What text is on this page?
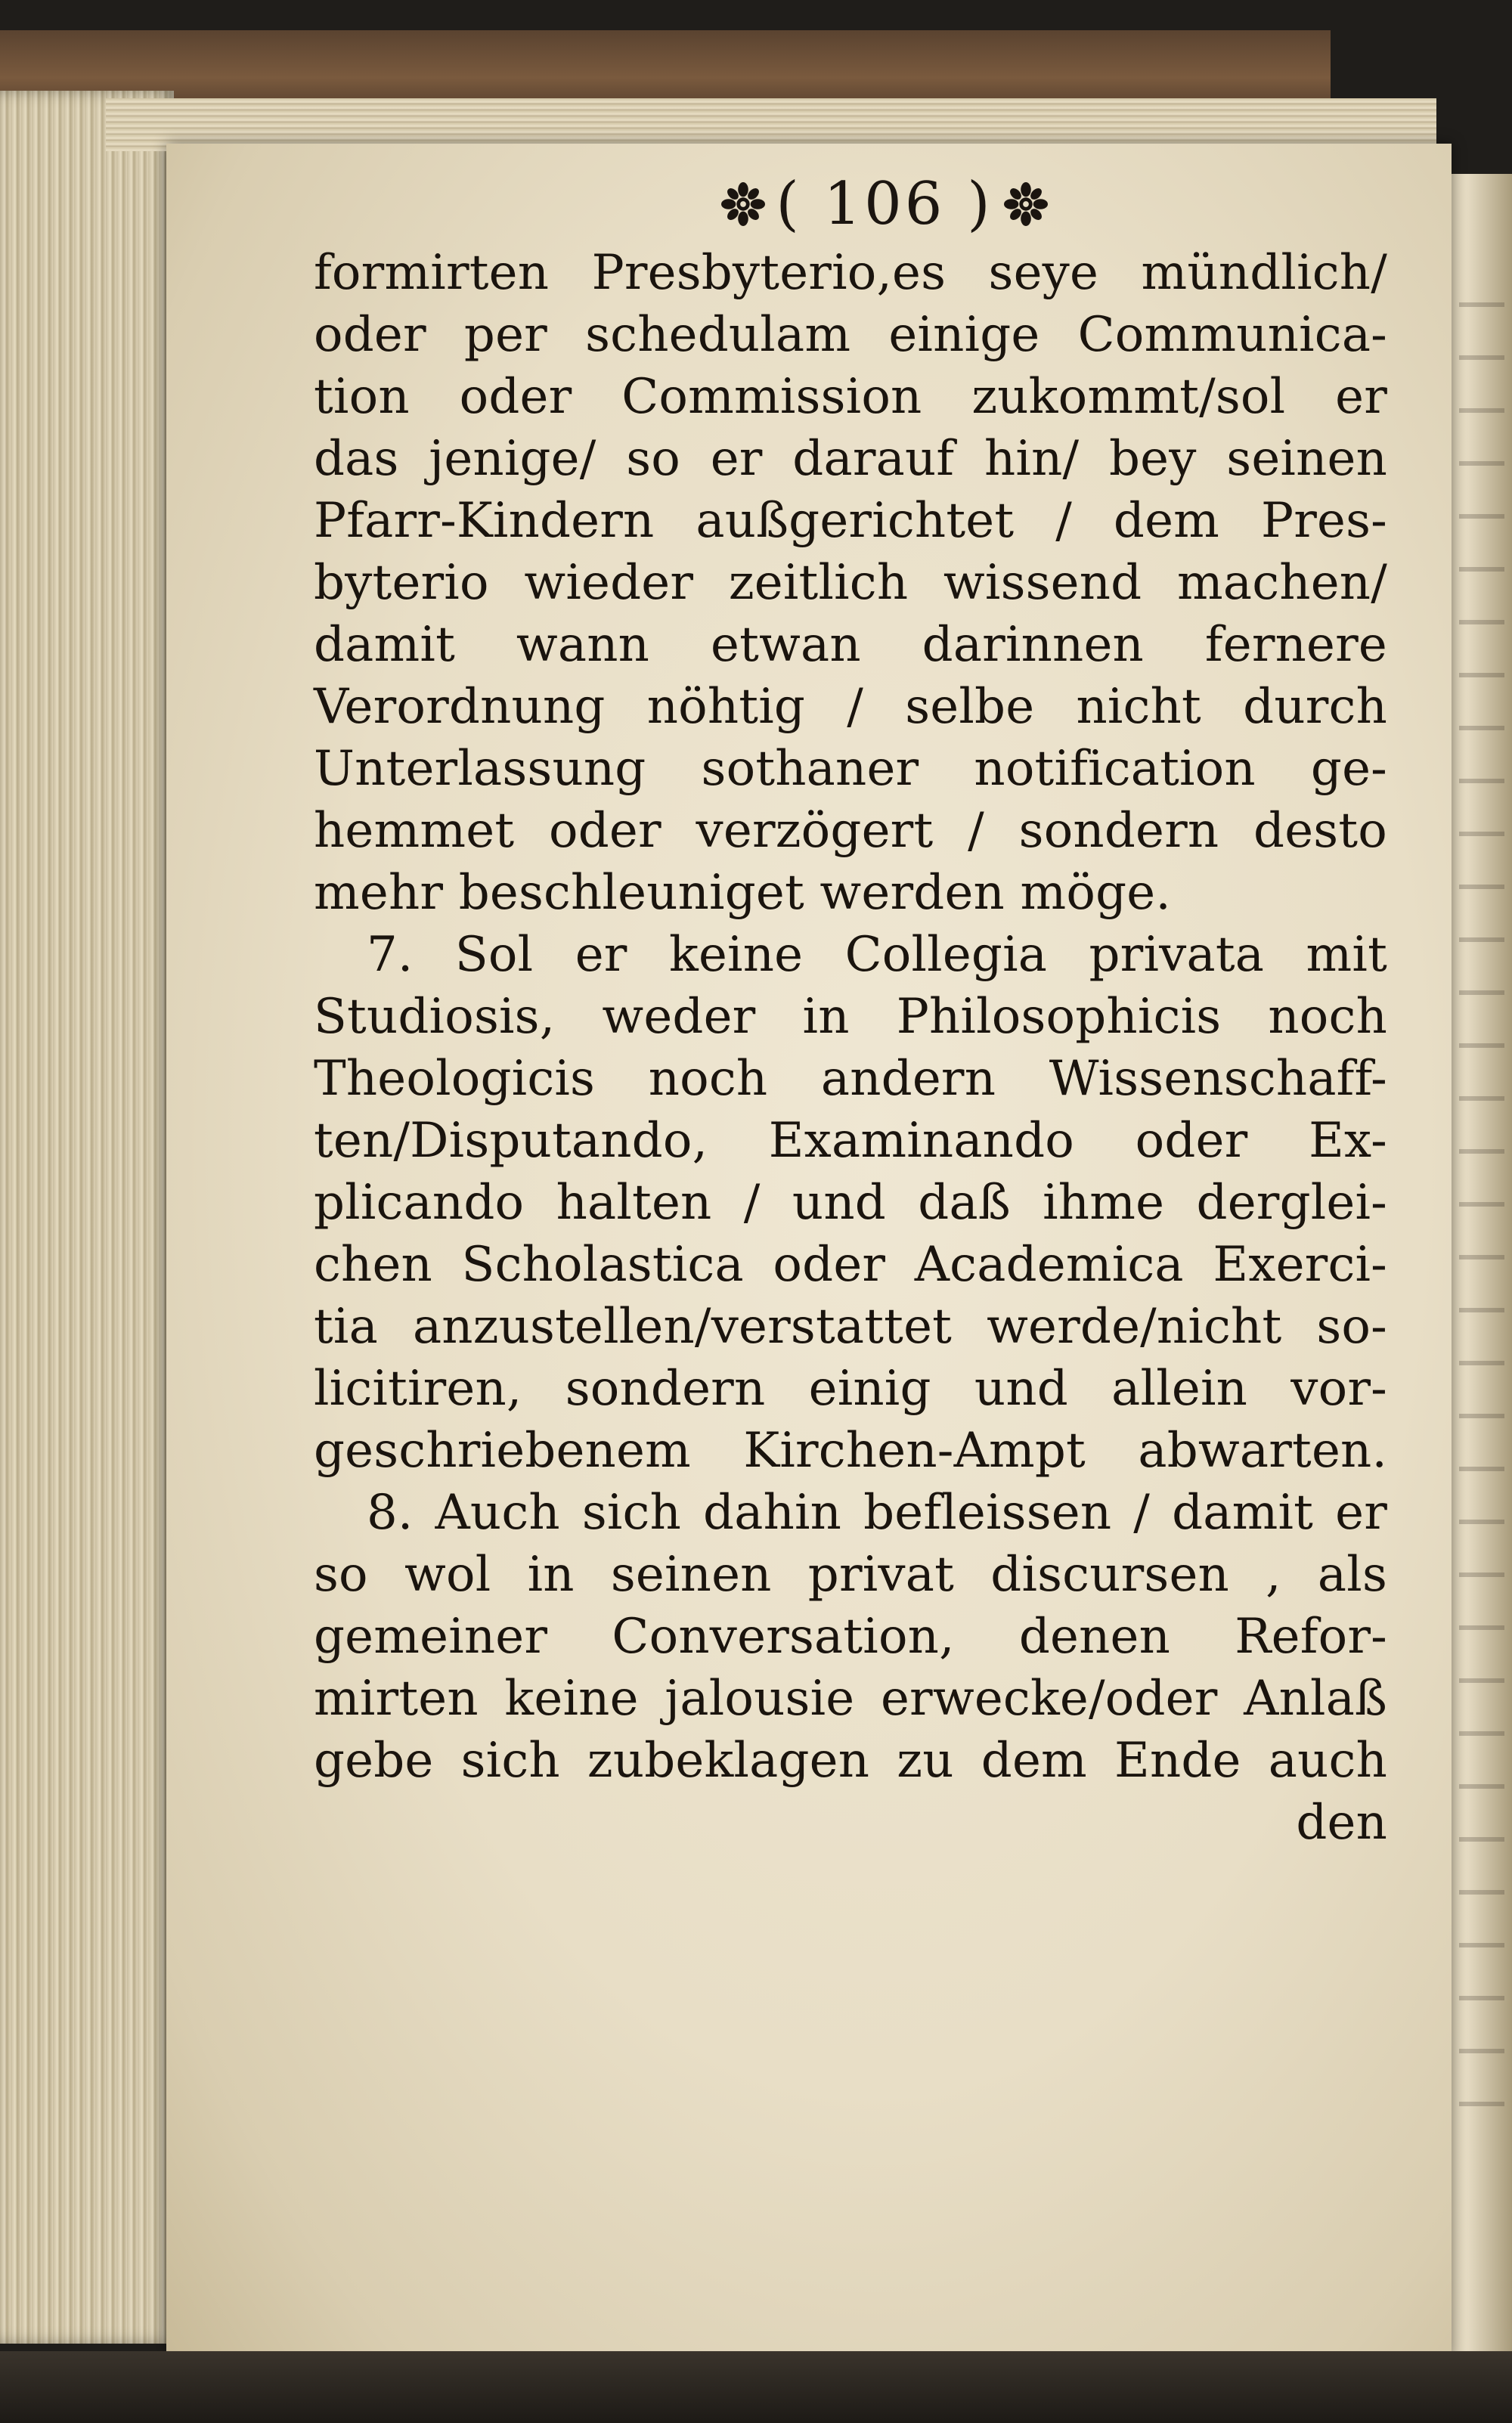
( 106 )
formirten Presbyterio,es seye mündlich/
oder per schedulam einige Communica-
tion oder Commission zukommt/sol er
das jenige/ so er darauf hin/ bey seinen
Pfarr-Kindern außgerichtet / dem Pres-
byterio wieder zeitlich wissend machen/
damit wann etwan darinnen fernere
Verordnung nöhtig / selbe nicht durch
Unterlassung sothaner notification ge-
hemmet oder verzögert / sondern desto
mehr beschleuniget werden möge.
7. Sol er keine Collegia privata mit
Studiosis, weder in Philosophicis noch
Theologicis noch andern Wissenschaff-
ten/Disputando, Examinando oder Ex-
plicando halten / und daß ihme derglei-
chen Scholastica oder Academica Exerci-
tia anzustellen/verstattet werde/nicht so-
licitiren, sondern einig und allein vor-
geschriebenem Kirchen-Ampt abwarten.
8. Auch sich dahin befleissen / damit er
so wol in seinen privat discursen , als
gemeiner Conversation, denen Refor-
mirten keine jalousie erwecke/oder Anlaß
gebe sich zubeklagen zu dem Ende auch
den
